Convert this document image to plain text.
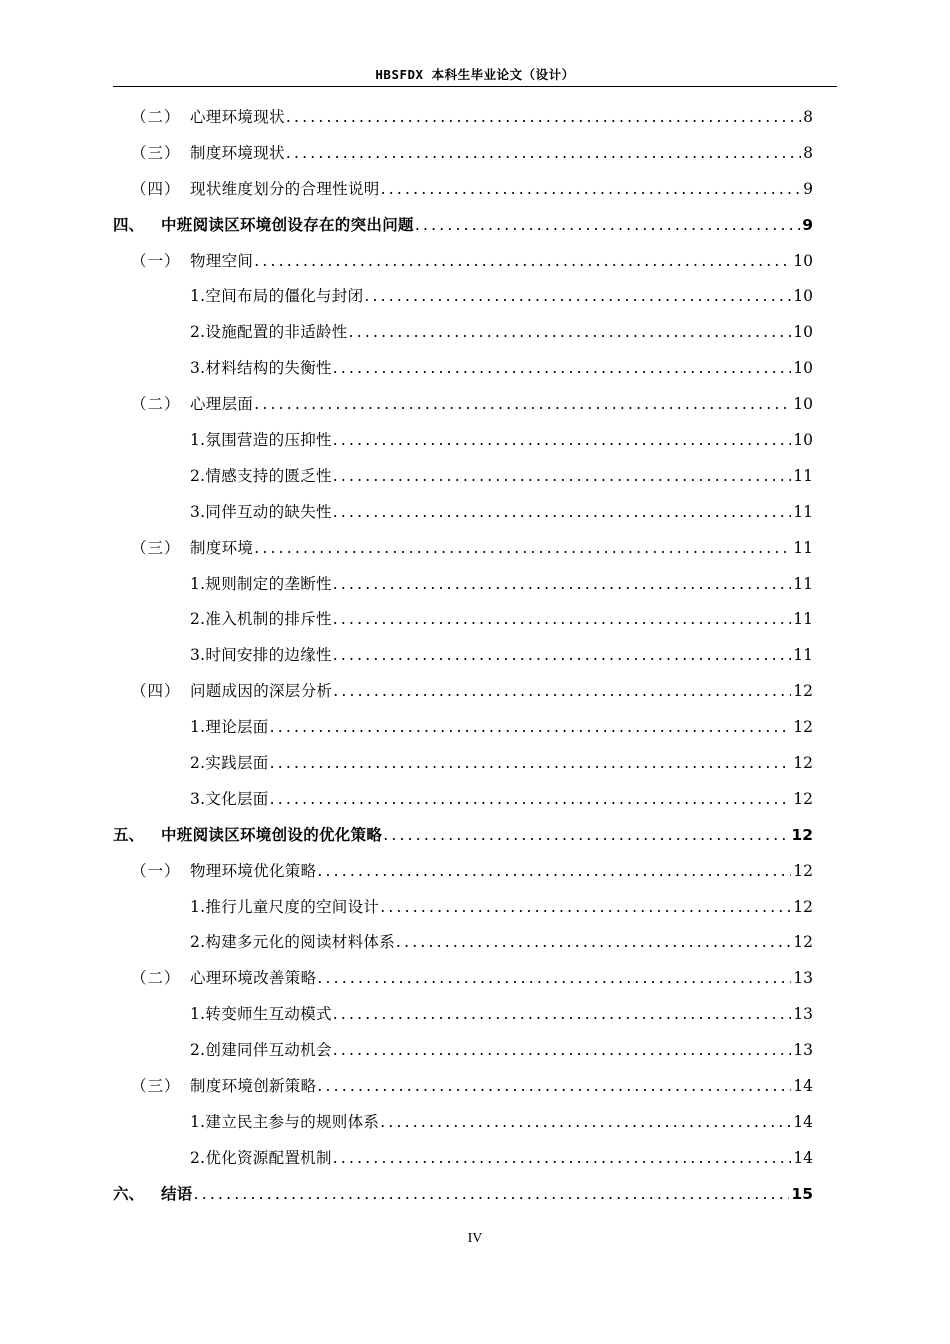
HBSFDX 本科生毕业论文（设计）
（二） 心理环境现状 .....	8
（三） 制度环境现状 .....	8
（四） 现状维度划分的合理性说明 .....	9
四、	中班阅读区环境创设存在的突出问题 .....	9
（一） 物理空间 .....	10
1.空间布局的僵化与封闭 .....	10
2.设施配置的非适龄性 .....	10
3.材料结构的失衡性 .....	10
（二） 心理层面 .....	10
1.氛围营造的压抑性 .....	10
2.情感支持的匮乏性 .....	11
3.同伴互动的缺失性 .....	11
（三） 制度环境 .....	11
1.规则制定的垄断性 .....	11
2.准入机制的排斥性 .....	11
3.时间安排的边缘性 .....	11
（四） 问题成因的深层分析 .....	12
1.理论层面 .....	12
2.实践层面 .....	12
3.文化层面 .....	12
五、	中班阅读区环境创设的优化策略 .....	12
（一） 物理环境优化策略 .....	12
1.推行儿童尺度的空间设计 .....	12
2.构建多元化的阅读材料体系 .....	12
（二） 心理环境改善策略 .....	13
1.转变师生互动模式 .....	13
2.创建同伴互动机会 .....	13
（三） 制度环境创新策略 .....	14
1.建立民主参与的规则体系 .....	14
2.优化资源配置机制 .....	14
六、	结语 .....	15
IV
